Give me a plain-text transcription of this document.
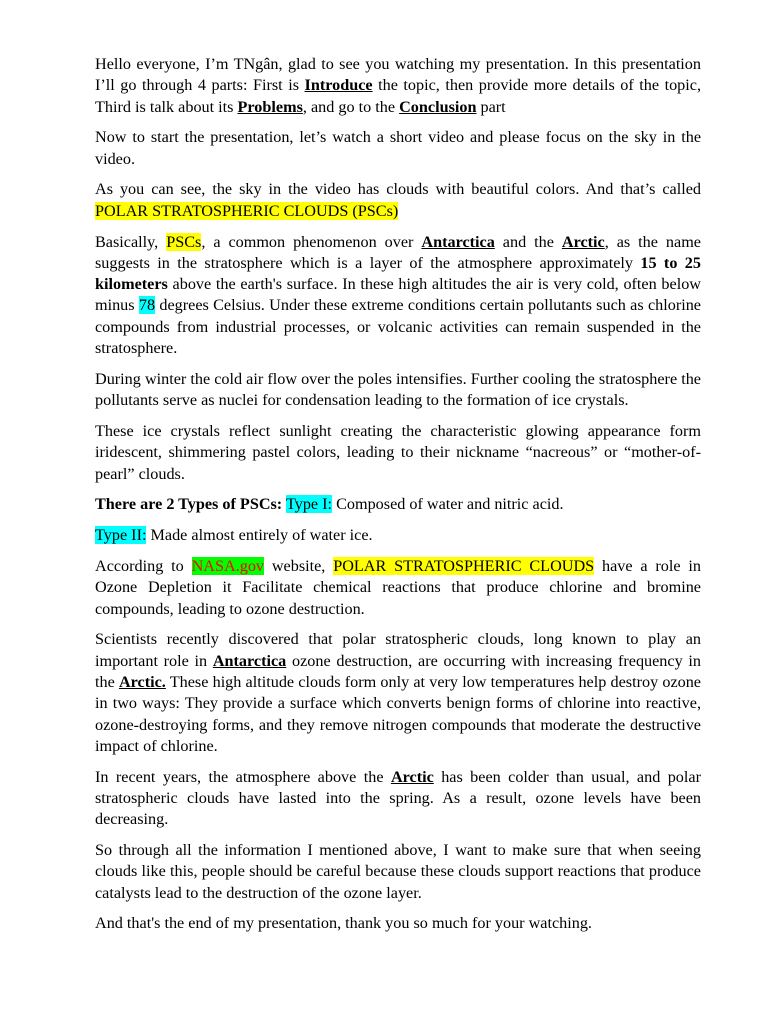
Hello everyone, I’m TNgân, glad to see you watching my presentation. In this presentation I’ll go through 4 parts: First is Introduce the topic, then provide more details of the topic, Third is talk about its Problems, and go to the Conclusion part

Now to start the presentation, let’s watch a short video and please focus on the sky in the video.

As you can see, the sky in the video has clouds with beautiful colors. And that’s called POLAR STRATOSPHERIC CLOUDS (PSCs)

Basically, PSCs, a common phenomenon over Antarctica and the Arctic, as the name suggests in the stratosphere which is a layer of the atmosphere approximately 15 to 25 kilometers above the earth's surface. In these high altitudes the air is very cold, often below minus 78 degrees Celsius. Under these extreme conditions certain pollutants such as chlorine compounds from industrial processes, or volcanic activities can remain suspended in the stratosphere.

During winter the cold air flow over the poles intensifies. Further cooling the stratosphere the pollutants serve as nuclei for condensation leading to the formation of ice crystals.

These ice crystals reflect sunlight creating the characteristic glowing appearance form iridescent, shimmering pastel colors, leading to their nickname “nacreous” or “mother-of-pearl” clouds.

There are 2 Types of PSCs: Type I: Composed of water and nitric acid.

Type II: Made almost entirely of water ice.

According to NASA.gov website, POLAR STRATOSPHERIC CLOUDS have a role in Ozone Depletion it Facilitate chemical reactions that produce chlorine and bromine compounds, leading to ozone destruction.

Scientists recently discovered that polar stratospheric clouds, long known to play an important role in Antarctica ozone destruction, are occurring with increasing frequency in the Arctic. These high altitude clouds form only at very low temperatures help destroy ozone in two ways: They provide a surface which converts benign forms of chlorine into reactive, ozone-destroying forms, and they remove nitrogen compounds that moderate the destructive impact of chlorine.

In recent years, the atmosphere above the Arctic has been colder than usual, and polar stratospheric clouds have lasted into the spring. As a result, ozone levels have been decreasing.

So through all the information I mentioned above, I want to make sure that when seeing clouds like this, people should be careful because these clouds support reactions that produce catalysts lead to the destruction of the ozone layer.

And that's the end of my presentation, thank you so much for your watching.
